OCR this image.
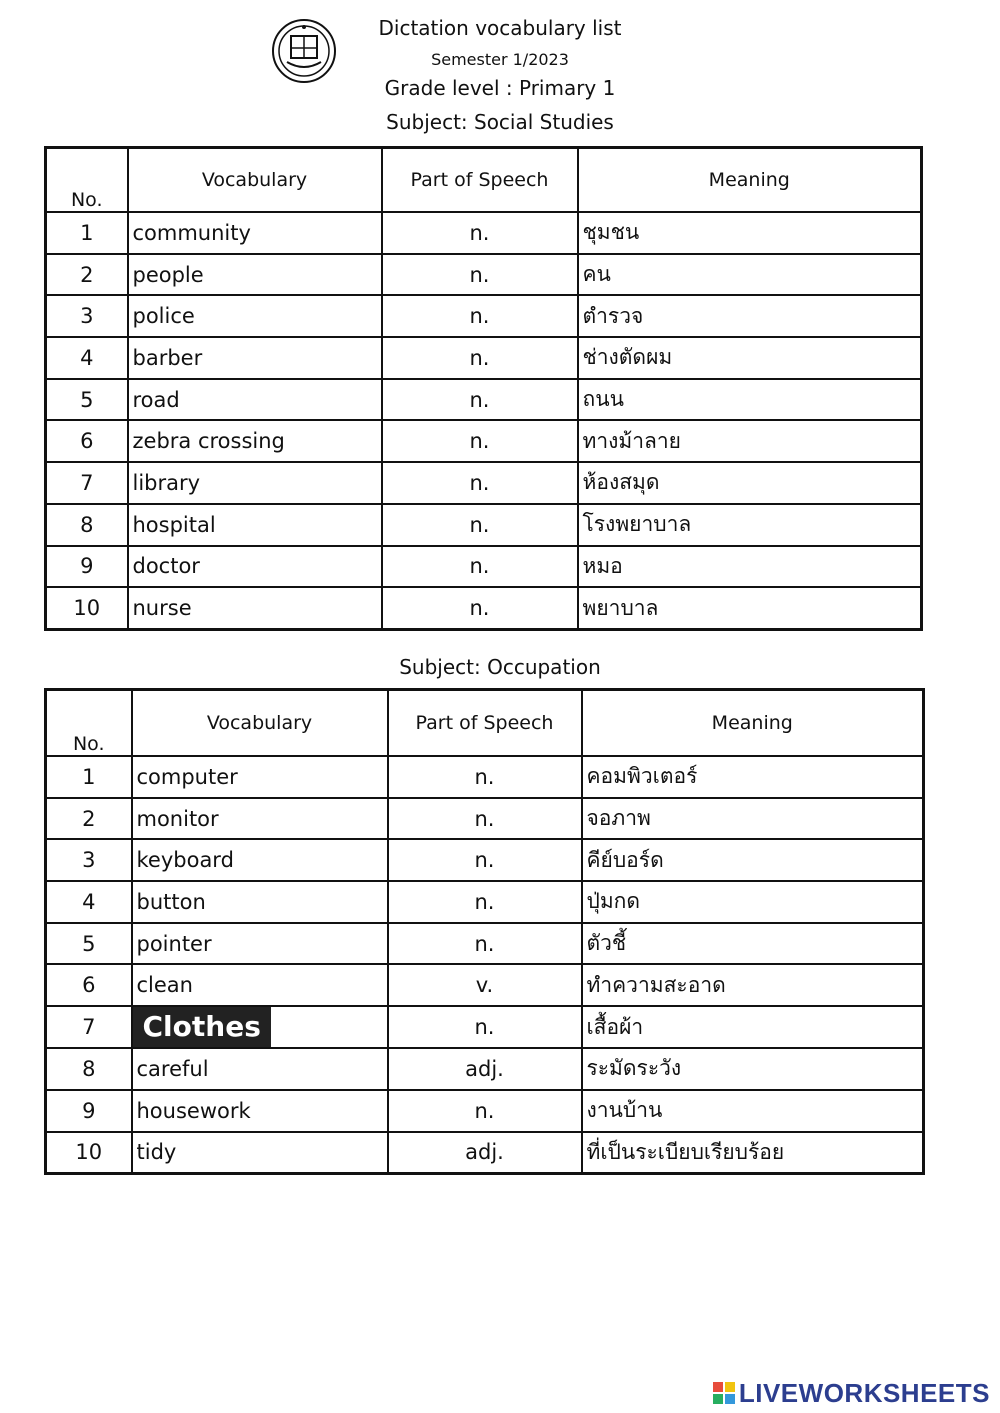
Dictation vocabulary list
Semester 1/2023
Grade level : Primary 1
Subject: Social Studies
No.	Vocabulary	Part of Speech	Meaning
1	community	n.	ชุมชน
2	people	n.	คน
3	police	n.	ตำรวจ
4	barber	n.	ช่างตัดผม
5	road	n.	ถนน
6	zebra crossing	n.	ทางม้าลาย
7	library	n.	ห้องสมุด
8	hospital	n.	โรงพยาบาล
9	doctor	n.	หมอ
10	nurse	n.	พยาบาล
Subject: Occupation
No.	Vocabulary	Part of Speech	Meaning
1	computer	n.	คอมพิวเตอร์
2	monitor	n.	จอภาพ
3	keyboard	n.	คีย์บอร์ด
4	button	n.	ปุ่มกด
5	pointer	n.	ตัวชี้
6	clean	v.	ทำความสะอาด
7	Clothes	n.	เสื้อผ้า
8	careful	adj.	ระมัดระวัง
9	housework	n.	งานบ้าน
10	tidy	adj.	ที่เป็นระเบียบเรียบร้อย
LIVEWORKSHEETS
